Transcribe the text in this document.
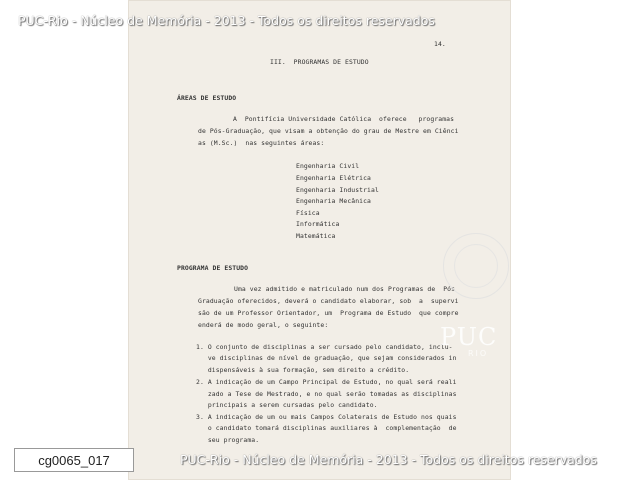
14.
III.  PROGRAMAS DE ESTUDO
ÁREAS DE ESTUDO
A  Pontifícia Universidade Católica  oferece   programas
de Pós-Graduação, que visam a obtenção do grau de Mestre em Ciênci
as (M.Sc.)  nas seguintes áreas:
Engenharia Civil
Engenharia Elétrica
Engenharia Industrial
Engenharia Mecânica
Física
Informática
Matemática
PROGRAMA DE ESTUDO
Uma vez admitido e matriculado num dos Programas de  Pós
Graduação oferecidos, deverá o candidato elaborar, sob  a  supervi
são de um Professor Orientador, um  Programa de Estudo  que compre
enderá de modo geral, o seguinte:
1. O conjunto de disciplinas a ser cursado pelo candidato, inclu-
ve disciplinas de nível de graduação, que sejam considerados in
dispensáveis à sua formação, sem direito a crédito.
2. A indicação de um Campo Principal de Estudo, no qual será reali
zado a Tese de Mestrado, e no qual serão tomadas as disciplinas
principais a serem cursadas pelo candidato.
3. A indicação de um ou mais Campos Colaterais de Estudo nos quais
o candidato tomará disciplinas auxiliares à  complementação  de
seu programa.
PUC
RIO
PUC-Rio - Núcleo de Memória - 2013 - Todos os direitos reservados
PUC-Rio - Núcleo de Memória - 2013 - Todos os direitos reservados
cg0065_017
